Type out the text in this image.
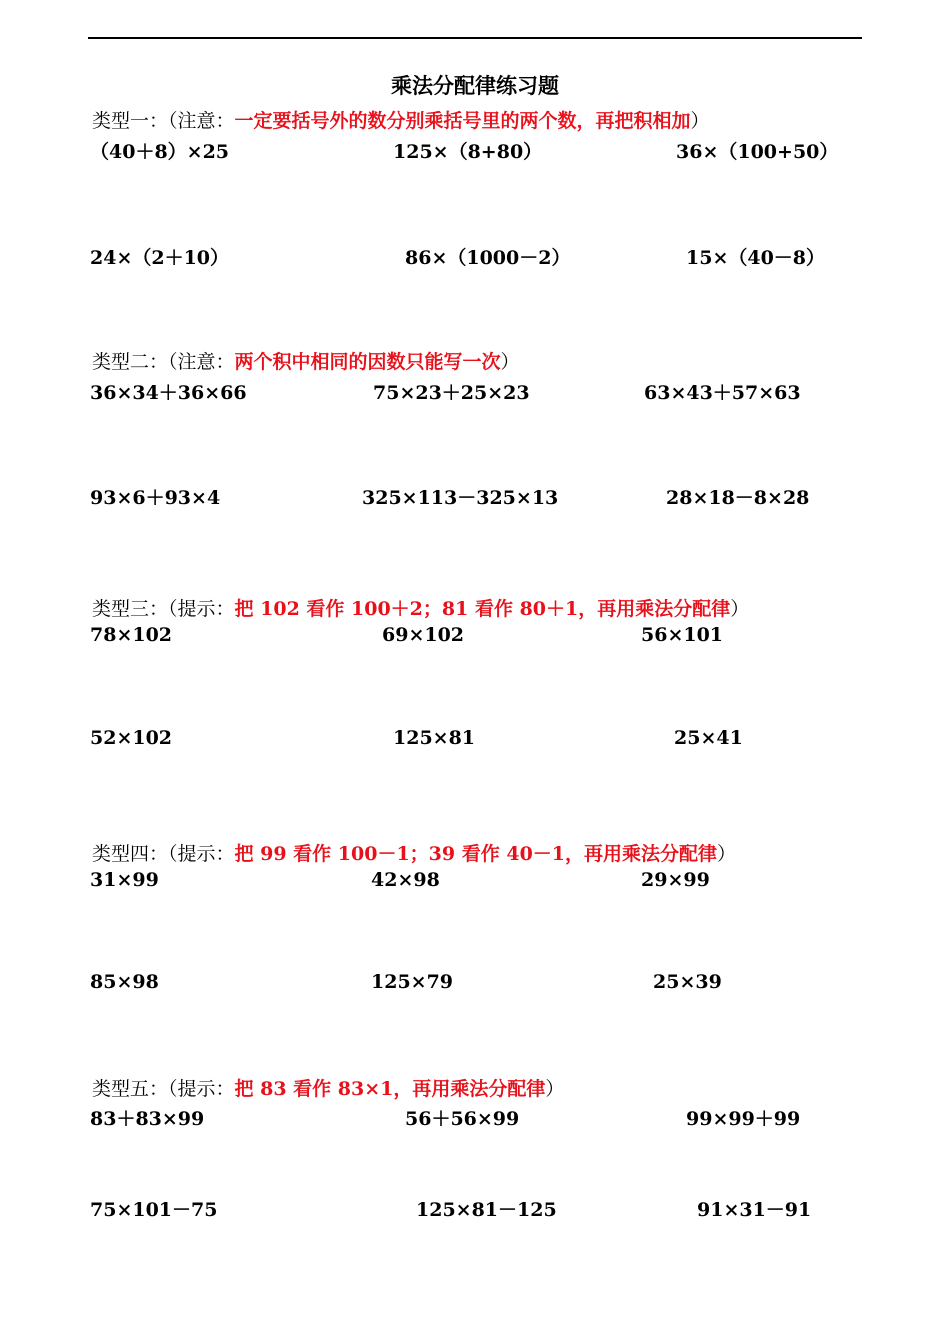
乘法分配律练习题
类型一：（注意：一定要括号外的数分别乘括号里的两个数，再把积相加）
（40＋8）×25	125×（8+80）	36×（100+50）
24×（2＋10）	86×（1000－2）	15×（40－8）
类型二：（注意：两个积中相同的因数只能写一次）
36×34＋36×66	75×23＋25×23	63×43＋57×63
93×6＋93×4	325×113－325×13	28×18－8×28
类型三：（提示：把 102 看作 100＋2；81 看作 80＋1，再用乘法分配律）
78×102	69×102	56×101
52×102	125×81	25×41
类型四：（提示：把 99 看作 100－1；39 看作 40－1，再用乘法分配律）
31×99	42×98	29×99
85×98	125×79	25×39
类型五：（提示：把 83 看作 83×1，再用乘法分配律）
83＋83×99	56＋56×99	99×99＋99
75×101－75	125×81－125	91×31－91
